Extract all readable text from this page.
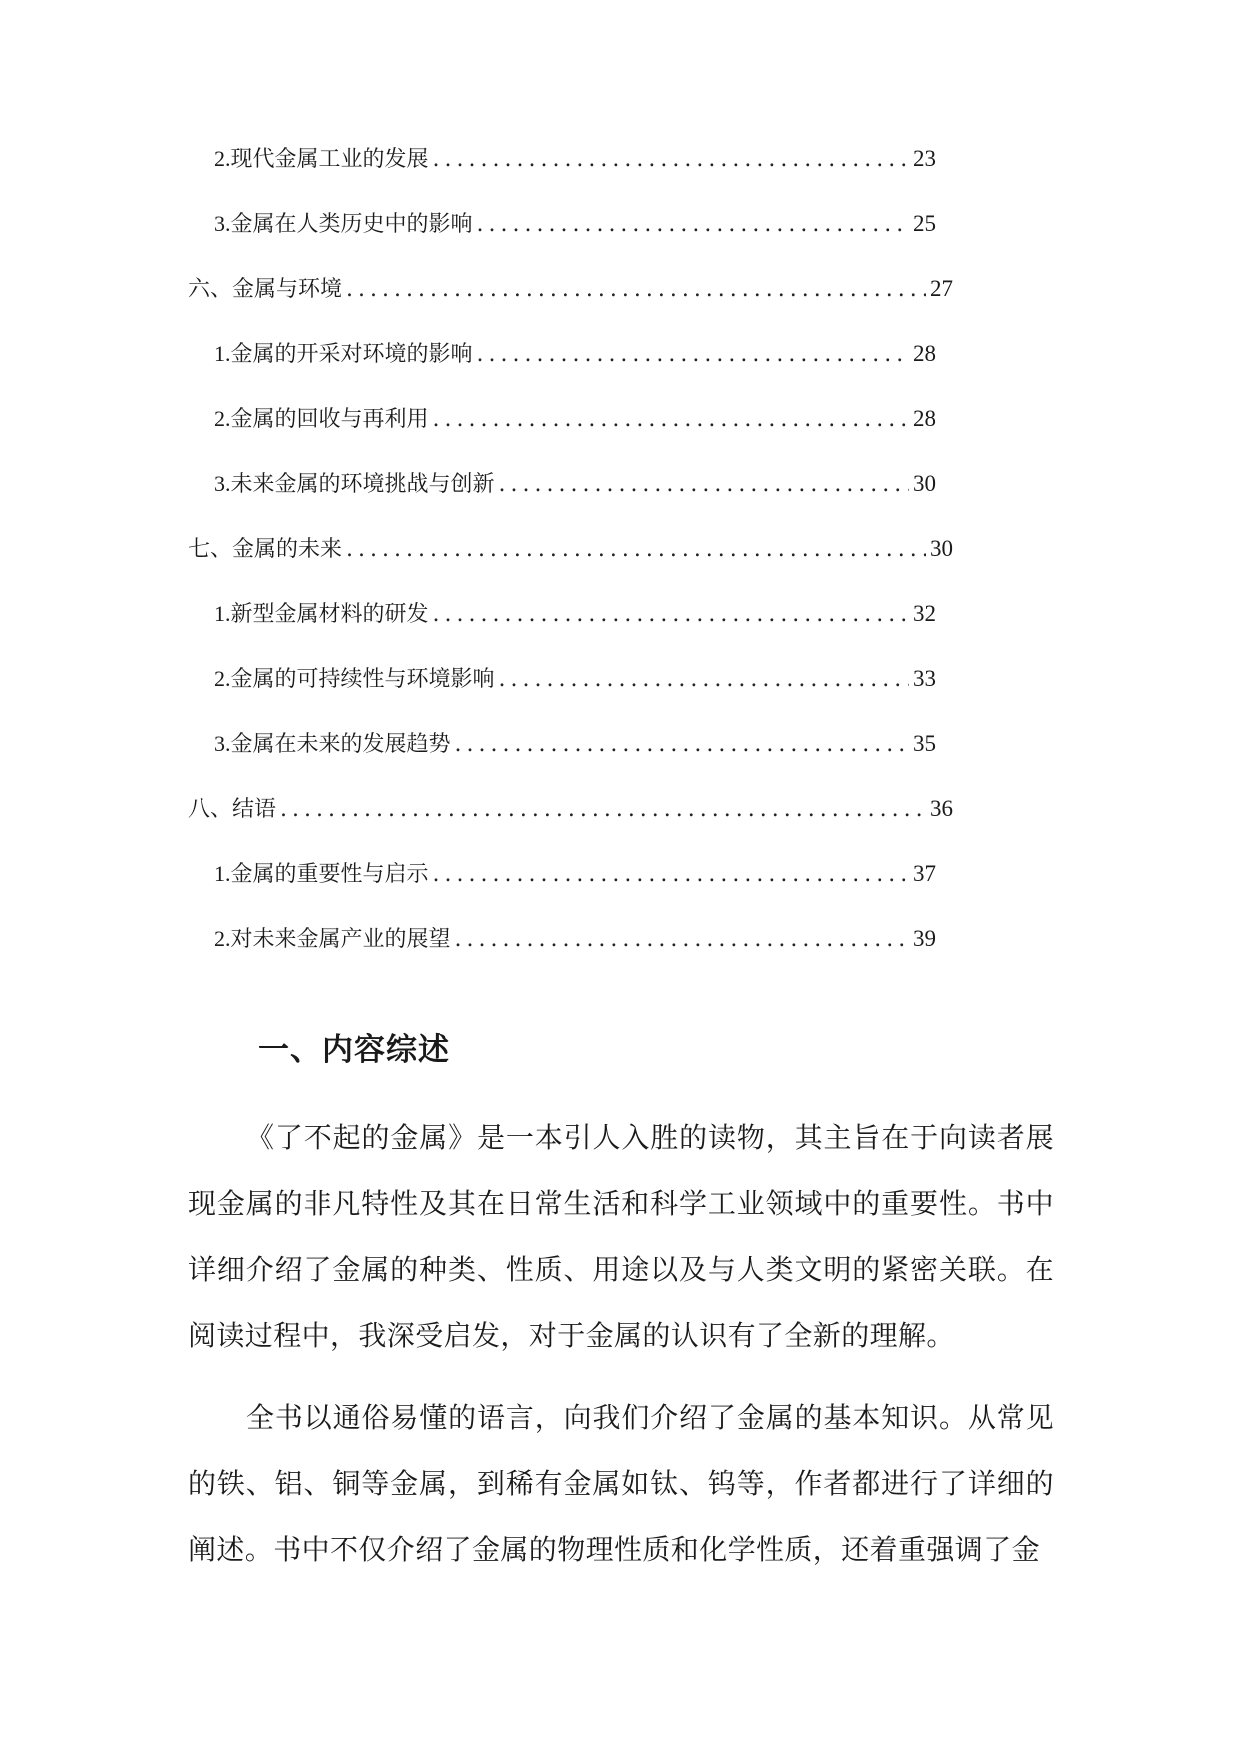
2. 现代金属工业的发展 .....	23
3. 金属在人类历史中的影响 .....	25
六、金属与环境 .....	27
1. 金属的开采对环境的影响 .....	28
2. 金属的回收与再利用 .....	28
3. 未来金属的环境挑战与创新 .....	30
七、金属的未来 .....	30
1. 新型金属材料的研发 .....	32
2. 金属的可持续性与环境影响 .....	33
3. 金属在未来的发展趋势 .....	35
八、结语 .....	36
1. 金属的重要性与启示 .....	37
2. 对未来金属产业的展望 .....	39
一、内容综述

《了不起的金属》是一本引人入胜的读物，其主旨在于向读者展现金属的非凡特性及其在日常生活和科学工业领域中的重要性。书中详细介绍了金属的种类、性质、用途以及与人类文明的紧密关联。在阅读过程中，我深受启发，对于金属的认识有了全新的理解。

全书以通俗易懂的语言，向我们介绍了金属的基本知识。从常见的铁、铝、铜等金属，到稀有金属如钛、钨等，作者都进行了详细的阐述。书中不仅介绍了金属的物理性质和化学性质，还着重强调了金
